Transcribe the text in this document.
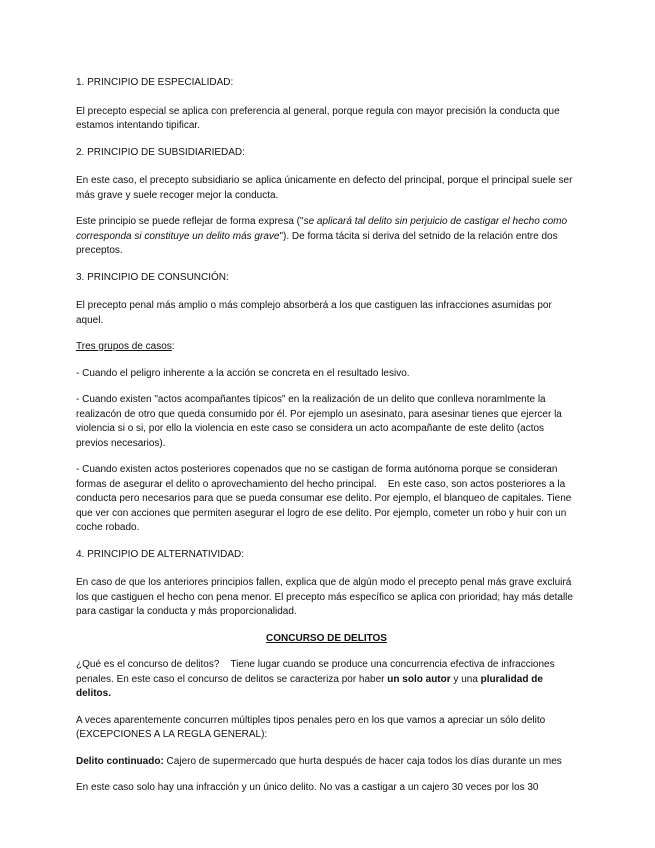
1. PRINCIPIO DE ESPECIALIDAD:

El precepto especial se aplica con preferencia al general, porque regula con mayor precisión la conducta que estamos intentando tipificar.

2. PRINCIPIO DE SUBSIDIARIEDAD:

En este caso, el precepto subsidiario se aplica únicamente en defecto del principal, porque el principal suele ser más grave y suele recoger mejor la conducta.

Este principio se puede reflejar de forma expresa ("se aplicará tal delito sin perjuicio de castigar el hecho como corresponda si constituye un delito más grave"). De forma tácita si deriva del setnido de la relación entre dos preceptos.

3. PRINCIPIO DE CONSUNCIÓN:

El precepto penal más amplio o más complejo absorberá a los que castiguen las infracciones asumidas por aquel.

Tres grupos de casos:

- Cuando el peligro inherente a la acción se concreta en el resultado lesivo.

- Cuando existen "actos acompañantes típicos" en la realización de un delito que conlleva noramlmente la realizacón de otro que queda consumido por él. Por ejemplo un asesinato, para asesinar tienes que ejercer la violencia si o si, por ello la violencia en este caso se considera un acto acompañante de este delito (actos previos necesarios).

- Cuando existen actos posteriores copenados que no se castigan de forma autónoma porque se consideran formas de asegurar el delito o aprovechamiento del hecho principal.    En este caso, son actos posteriores a la conducta pero necesarios para que se pueda consumar ese delito. Por ejemplo, el blanqueo de capitales. Tiene que ver con acciones que permiten asegurar el logro de ese delito. Por ejemplo, cometer un robo y huir con un coche robado.

4. PRINCIPIO DE ALTERNATIVIDAD:

En caso de que los anteriores principios fallen, explica que de algún modo el precepto penal más grave excluirá los que castiguen el hecho con pena menor. El precepto más específico se aplica con prioridad; hay más detalle para castigar la conducta y más proporcionalidad.

CONCURSO DE DELITOS

¿Qué es el concurso de delitos?    Tiene lugar cuando se produce una concurrencia efectiva de infracciones penales. En este caso el concurso de delitos se caracteriza por haber un solo autor y una pluralidad de delitos.

A veces aparentemente concurren múltiples tipos penales pero en los que vamos a apreciar un sólo delito (EXCEPCIONES A LA REGLA GENERAL):

Delito continuado: Cajero de supermercado que hurta después de hacer caja todos los días durante un mes

En este caso solo hay una infracción y un único delito. No vas a castigar a un cajero 30 veces por los 30
